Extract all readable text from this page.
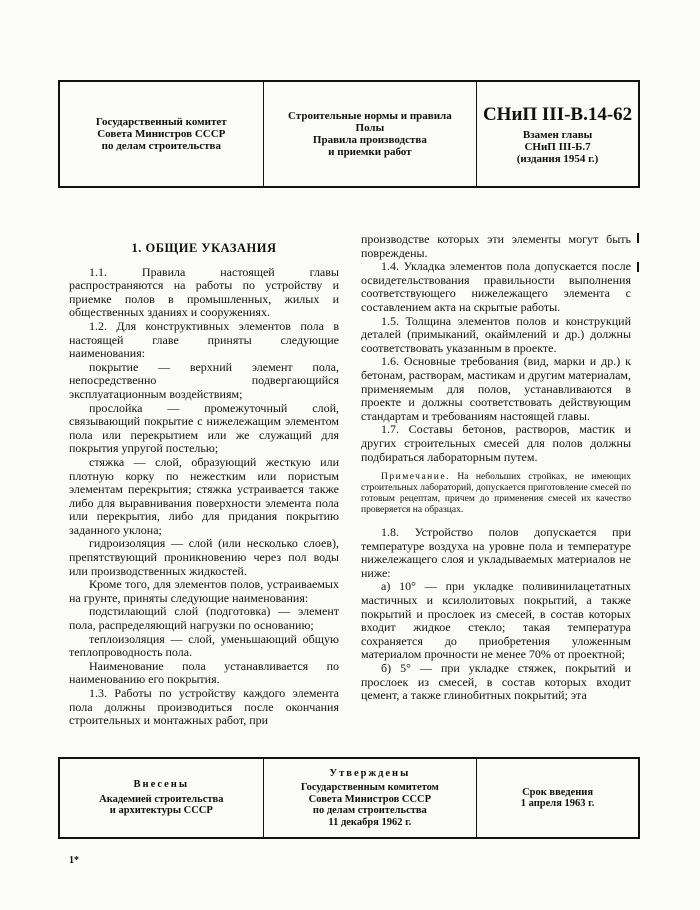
Государственный комитет
Совета Министров СССР
по делам строительства
Строительные нормы и правила
Полы
Правила производства
и приемки работ
СНиП III-В.14-62
Взамен главы
СНиП III-Б.7
(издания 1954 г.)

1. ОБЩИЕ УКАЗАНИЯ

1.1. Правила настоящей главы распространяются на работы по устройству и приемке полов в промышленных, жилых и общественных зданиях и сооружениях.

1.2. Для конструктивных элементов пола в настоящей главе приняты следующие наименования:

покрытие — верхний элемент пола, непосредственно подвергающийся эксплуатационным воздействиям;

прослойка — промежуточный слой, связывающий покрытие с нижележащим элементом пола или перекрытием или же служащий для покрытия упругой постелью;

стяжка — слой, образующий жесткую или плотную корку по нежестким или пористым элементам перекрытия; стяжка устраивается также либо для выравнивания поверхности элемента пола или перекрытия, либо для придания покрытию заданного уклона;

гидроизоляция — слой (или несколько слоев), препятствующий проникновению через пол воды или производственных жидкостей.

Кроме того, для элементов полов, устраиваемых на грунте, приняты следующие наименования:

подстилающий слой (подготовка) — элемент пола, распределяющий нагрузки по основанию;

теплоизоляция — слой, уменьшающий общую теплопроводность пола.

Наименование пола устанавливается по наименованию его покрытия.

1.3. Работы по устройству каждого элемента пола должны производиться после окончания строительных и монтажных работ, при

производстве которых эти элементы могут быть повреждены.

1.4. Укладка элементов пола допускается после освидетельствования правильности выполнения соответствующего нижележащего элемента с составлением акта на скрытые работы.

1.5. Толщина элементов полов и конструкций деталей (примыканий, окаймлений и др.) должны соответствовать указанным в проекте.

1.6. Основные требования (вид, марки и др.) к бетонам, растворам, мастикам и другим материалам, применяемым для полов, устанавливаются в проекте и должны соответствовать действующим стандартам и требованиям настоящей главы.

1.7. Составы бетонов, растворов, мастик и других строительных смесей для полов должны подбираться лабораторным путем.

Примечание. На небольших стройках, не имеющих строительных лабораторий, допускается приготовление смесей по готовым рецептам, причем до применения смесей их качество проверяется на образцах.

1.8. Устройство полов допускается при температуре воздуха на уровне пола и температуре нижележащего слоя и укладываемых материалов не ниже:

а) 10° — при укладке поливинилацетатных мастичных и ксилолитовых покрытий, а также покрытий и прослоек из смесей, в состав которых входит жидкое стекло; такая температура сохраняется до приобретения уложенным материалом прочности не менее 70% от проектной;

б) 5° — при укладке стяжек, покрытий и прослоек из смесей, в состав которых входит цемент, а также глинобитных покрытий; эта

Внесены
Академией строительства
и архитектуры СССР
Утверждены
Государственным комитетом
Совета Министров СССР
по делам строительства
11 декабря 1962 г.
Срок введения
1 апреля 1963 г.
1*
